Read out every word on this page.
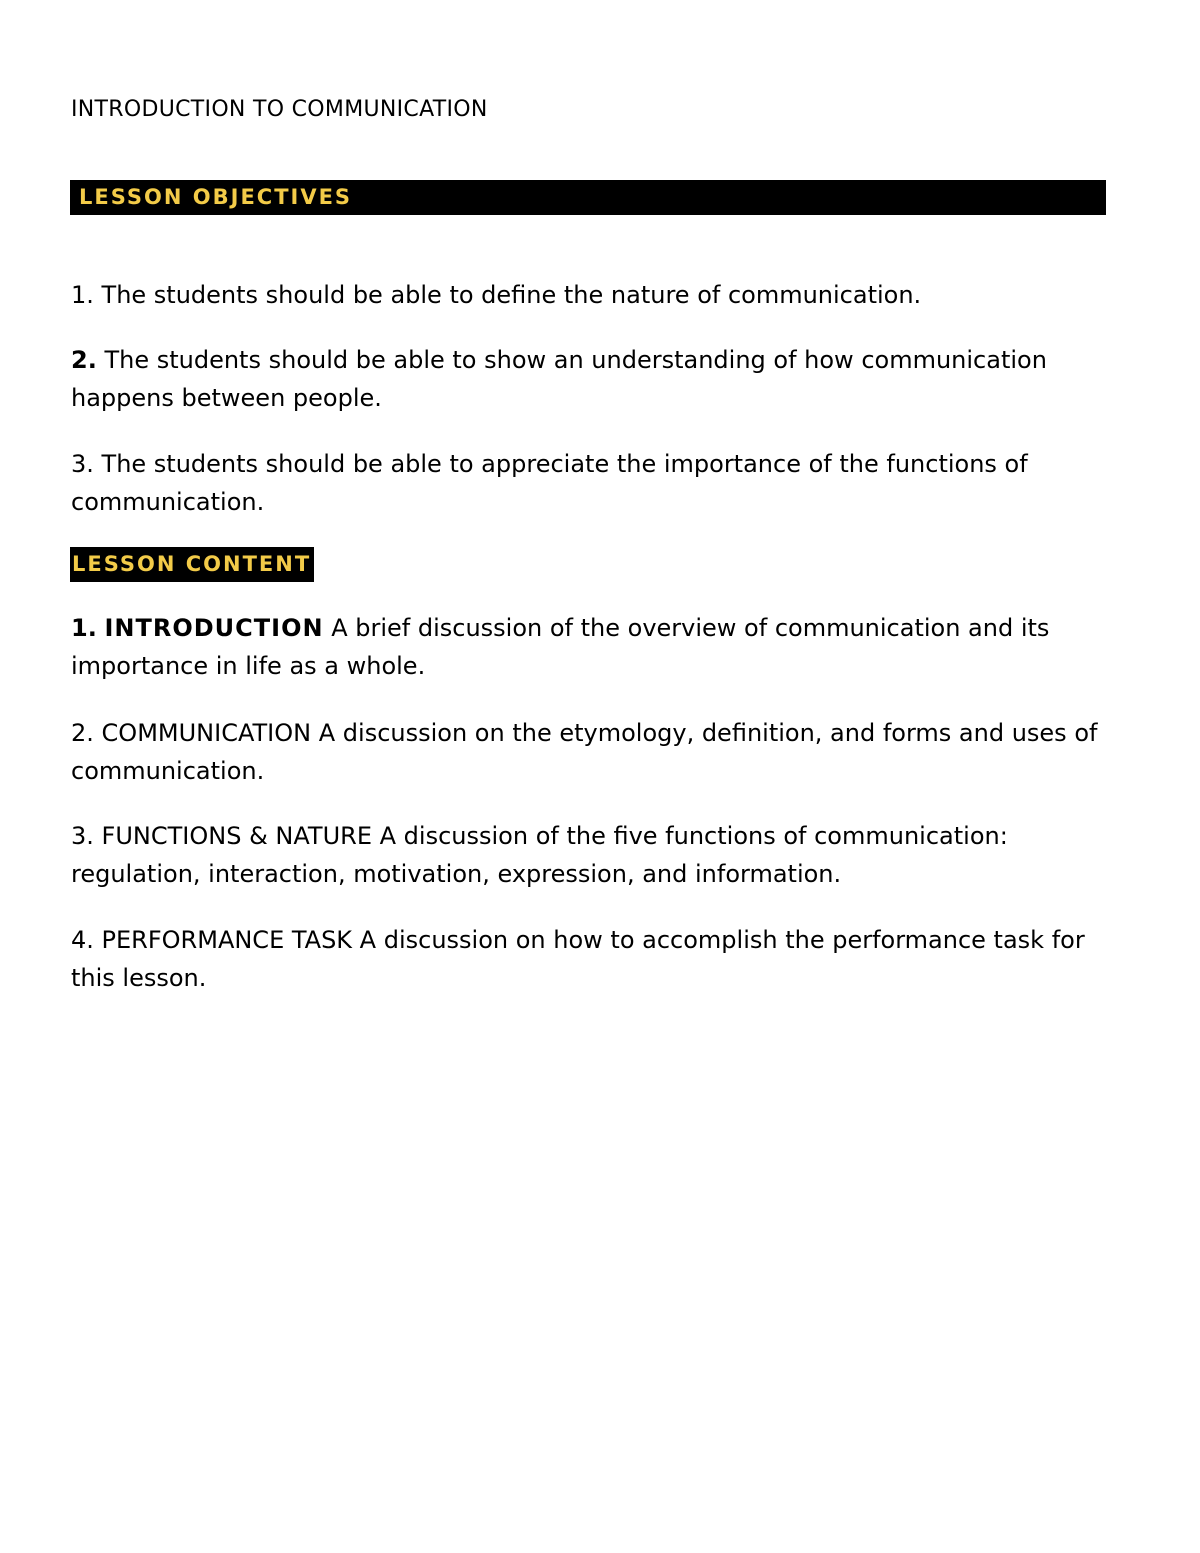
INTRODUCTION TO COMMUNICATION
LESSON OBJECTIVES

1. The students should be able to define the nature of communication.

2. The students should be able to show an understanding of how communication happens between people.

3. The students should be able to appreciate the importance of the functions of communication.

LESSON CONTENT

1. INTRODUCTION A brief discussion of the overview of communication and its importance in life as a whole.

2. COMMUNICATION A discussion on the etymology, definition, and forms and uses of communication.

3. FUNCTIONS & NATURE A discussion of the five functions of communication: regulation, interaction, motivation, expression, and information.

4. PERFORMANCE TASK A discussion on how to accomplish the performance task for this lesson.
